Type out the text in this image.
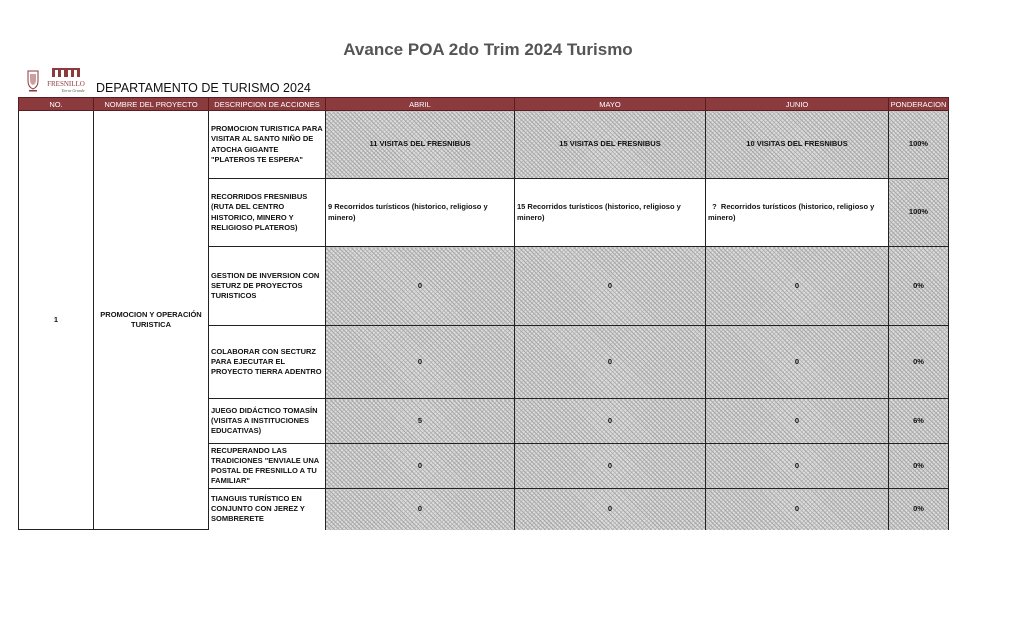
Avance POA 2do Trim 2024 Turismo
FRESNILLO
Tierra Grande DEPARTAMENTO DE TURISMO 2024
NO.	NOMBRE DEL PROYECTO	DESCRIPCION DE ACCIONES	ABRIL	MAYO	JUNIO	PONDERACION
1	PROMOCION Y OPERACIÓN TURISTICA	PROMOCION TURISTICA PARA VISITAR AL SANTO NIÑO DE ATOCHA GIGANTE "PLATEROS TE ESPERA"	11 VISITAS DEL FRESNIBUS	15 VISITAS DEL FRESNIBUS	10 VISITAS DEL FRESNIBUS	100%
		RECORRIDOS FRESNIBUS (RUTA DEL CENTRO HISTORICO, MINERO Y RELIGIOSO PLATEROS)	9 Recorridos turísticos (historico, religioso y minero)	15 Recorridos turísticos (historico, religioso y minero)	?  Recorridos turísticos (historico, religioso y minero)	100%
		GESTION DE INVERSION CON SETURZ DE PROYECTOS TURISTICOS	0	0	0	0%
		COLABORAR CON SECTURZ PARA EJECUTAR EL PROYECTO TIERRA ADENTRO	0	0	0	0%
		JUEGO DIDÁCTICO TOMASÍN (VISITAS A INSTITUCIONES EDUCATIVAS)	5	0	0	6%
		RECUPERANDO LAS TRADICIONES "ENVIALE UNA POSTAL DE FRESNILLO A TU FAMILIAR"	0	0	0	0%
		TIANGUIS TURÍSTICO EN CONJUNTO CON JEREZ Y SOMBRERETE	0	0	0	0%
